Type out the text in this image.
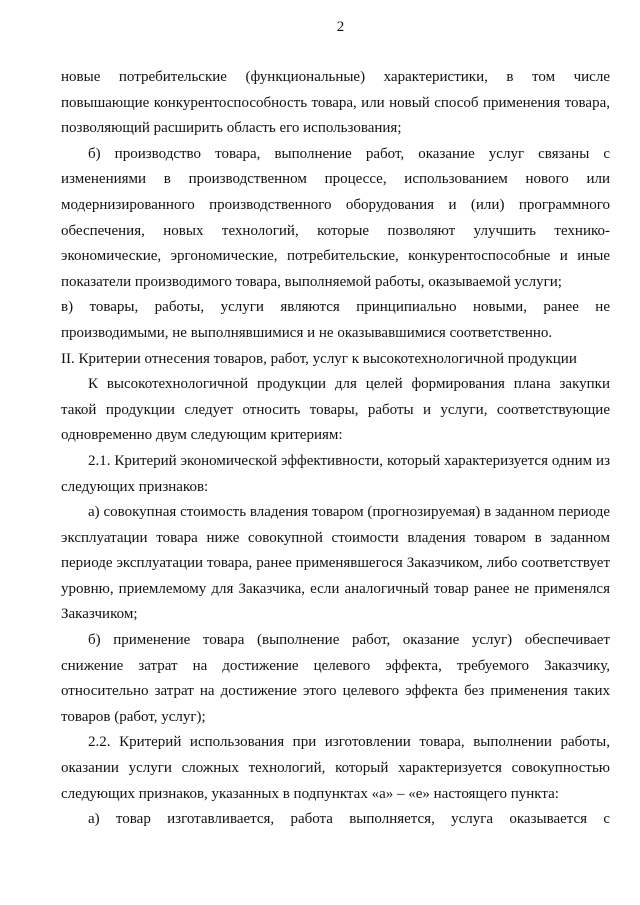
2

новые потребительские (функциональные) характеристики, в том числе повышающие конкурентоспособность товара, или новый способ применения товара, позволяющий расширить область его использования;

б) производство товара, выполнение работ, оказание услуг связаны с изменениями в производственном процессе, использованием нового или модернизированного производственного оборудования и (или) программного обеспечения, новых технологий, которые позволяют улучшить технико-экономические, эргономические, потребительские, конкурентоспособные и иные показатели производимого товара, выполняемой работы, оказываемой услуги;

в) товары, работы, услуги являются принципиально новыми, ранее не производимыми, не выполнявшимися и не оказывавшимися соответственно.

II. Критерии отнесения товаров, работ, услуг к высокотехнологичной продукции

К высокотехнологичной продукции для целей формирования плана закупки такой продукции следует относить товары, работы и услуги, соответствующие одновременно двум следующим критериям:

2.1. Критерий экономической эффективности, который характеризуется одним из следующих признаков:

а) совокупная стоимость владения товаром (прогнозируемая) в заданном периоде эксплуатации товара ниже совокупной стоимости владения товаром в заданном периоде эксплуатации товара, ранее применявшегося Заказчиком, либо соответствует уровню, приемлемому для Заказчика, если аналогичный товар ранее не применялся Заказчиком;

б) применение товара (выполнение работ, оказание услуг) обеспечивает снижение затрат на достижение целевого эффекта, требуемого Заказчику, относительно затрат на достижение этого целевого эффекта без применения таких товаров (работ, услуг);

2.2. Критерий использования при изготовлении товара, выполнении работы, оказании услуги сложных технологий, который характеризуется совокупностью следующих признаков, указанных в подпунктах «а» – «е» настоящего пункта:

а) товар изготавливается, работа выполняется, услуга оказывается с
